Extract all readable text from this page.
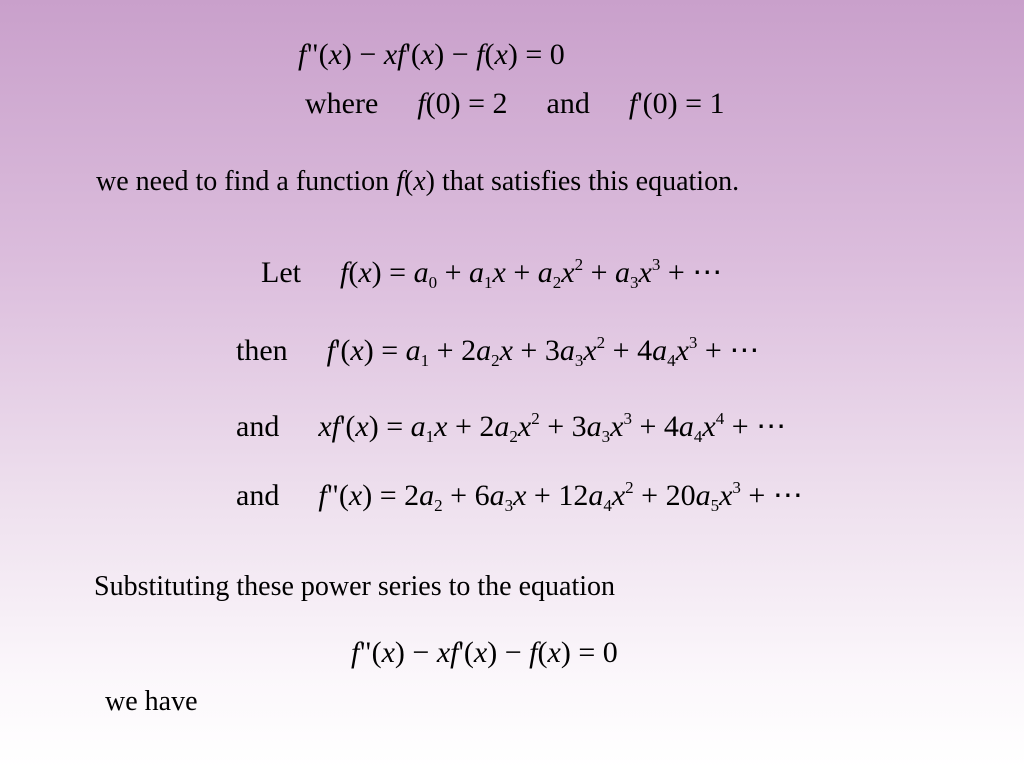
f"(x) − xf'(x) − f(x) = 0
where f(0) = 2  and f'(0) = 1
we need to find a function f(x) that satisfies this equation.
Let $f(x) = a_0 + a_1x + a_2x^2 + a_3x^3$ + ⋯
then $f'(x) = a_1 + 2a_2x + 3a_3x^2 + 4a_4x^3$ + ⋯
and $xf'(x) = a_1x + 2a_2x^2 + 3a_3x^3 + 4a_4x^4$ + ⋯
and f"(x) = $2a_2 + 6a_3x + 12a_4x^2 + 20a_5x^3$ + ⋯
Substituting these power series to the equation
f"(x) − xf'(x) − f(x) = 0
we have
